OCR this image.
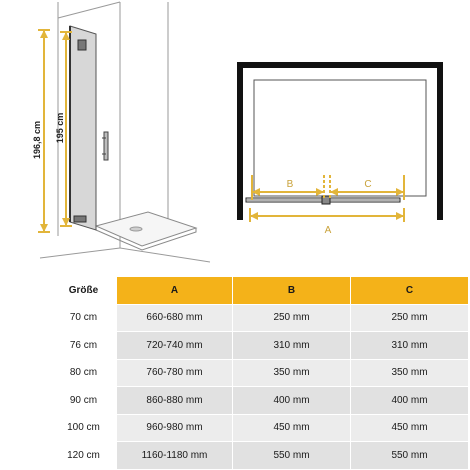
196,8 cm 195 cm
A
B	C
Größe	A	B	C
70 cm	660-680 mm	250 mm	250 mm
76 cm	720-740 mm	310 mm	310 mm
80 cm	760-780 mm	350 mm	350 mm
90 cm	860-880 mm	400 mm	400 mm
100 cm	960-980 mm	450 mm	450 mm
120 cm	1160-1180 mm	550 mm	550 mm
